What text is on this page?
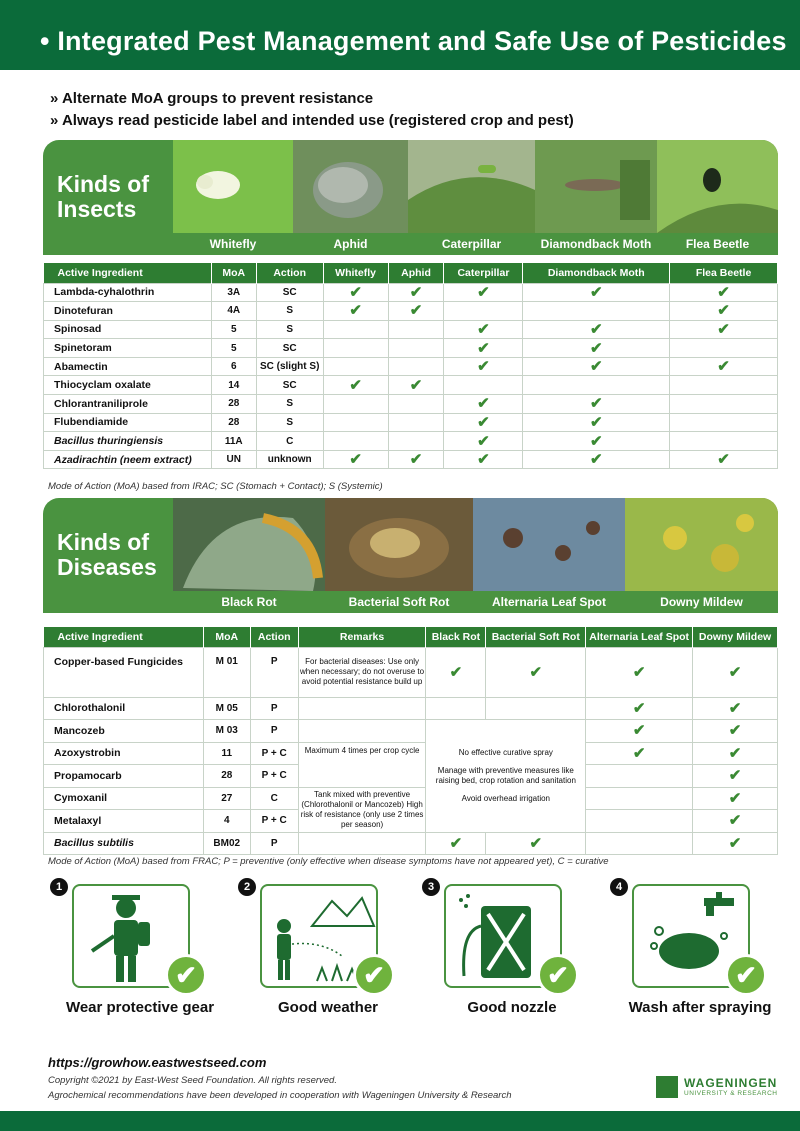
• Integrated Pest Management and Safe Use of Pesticides
» Alternate MoA groups to prevent resistance
» Always read pesticide label and intended use (registered crop and pest)
Kinds of
Insects
Whitefly	Aphid	Caterpillar	Diamondback Moth	Flea Beetle
Active Ingredient	MoA	Action	Whitefly	Aphid	Caterpillar	Diamondback Moth	Flea Beetle
Lambda-cyhalothrin	3A	SC	✔	✔	✔	✔	✔
Dinotefuran	4A	S	✔	✔			✔
Spinosad	5	S			✔	✔	✔
Spinetoram	5	SC			✔	✔	
Abamectin	6	SC (slight S)			✔	✔	✔
Thiocyclam oxalate	14	SC	✔	✔			
Chlorantraniliprole	28	S			✔	✔	
Flubendiamide	28	S			✔	✔	
Bacillus thuringiensis	11A	C			✔	✔	
Azadirachtin (neem extract)	UN	unknown	✔	✔	✔	✔	✔
Mode of Action (MoA) based from IRAC; SC (Stomach + Contact); S (Systemic)
Kinds of
Diseases
Black Rot	Bacterial Soft Rot	Alternaria Leaf Spot	Downy Mildew
Active Ingredient	MoA	Action	Remarks	Black Rot	Bacterial Soft Rot	Alternaria Leaf Spot	Downy Mildew
Copper-based Fungicides	M 01	P	For bacterial diseases: Use only when necessary; do not overuse to avoid potential resistance build up	✔	✔	✔	✔
Chlorothalonil	M 05	P				✔	✔
Mancozeb	M 03	P		No effective curative spray
Manage with preventive measures like raising bed, crop rotation and sanitation
Avoid overhead irrigation		✔	✔
Azoxystrobin	11	P + C	Maximum 4 times per crop cycle			✔	✔
Propamocarb	28	P + C					✔
Cymoxanil	27	C	Tank mixed with preventive (Chlorothalonil or Mancozeb) High risk of resistance (only use 2 times per season)				✔
Metalaxyl	4	P + C					✔
Bacillus subtilis	BM02	P		✔	✔		✔
Mode of Action (MoA) based from FRAC; P = preventive (only effective when disease symptoms have not appeared yet), C = curative
1
✔
Wear protective gear
2
✔
Good weather
3
✔
Good nozzle
4
✔
Wash after spraying
https://growhow.eastwestseed.com
Copyright ©2021 by East-West Seed Foundation. All rights reserved.
Agrochemical recommendations have been developed in cooperation with Wageningen University & Research
WAGENINGEN
UNIVERSITY & RESEARCH
